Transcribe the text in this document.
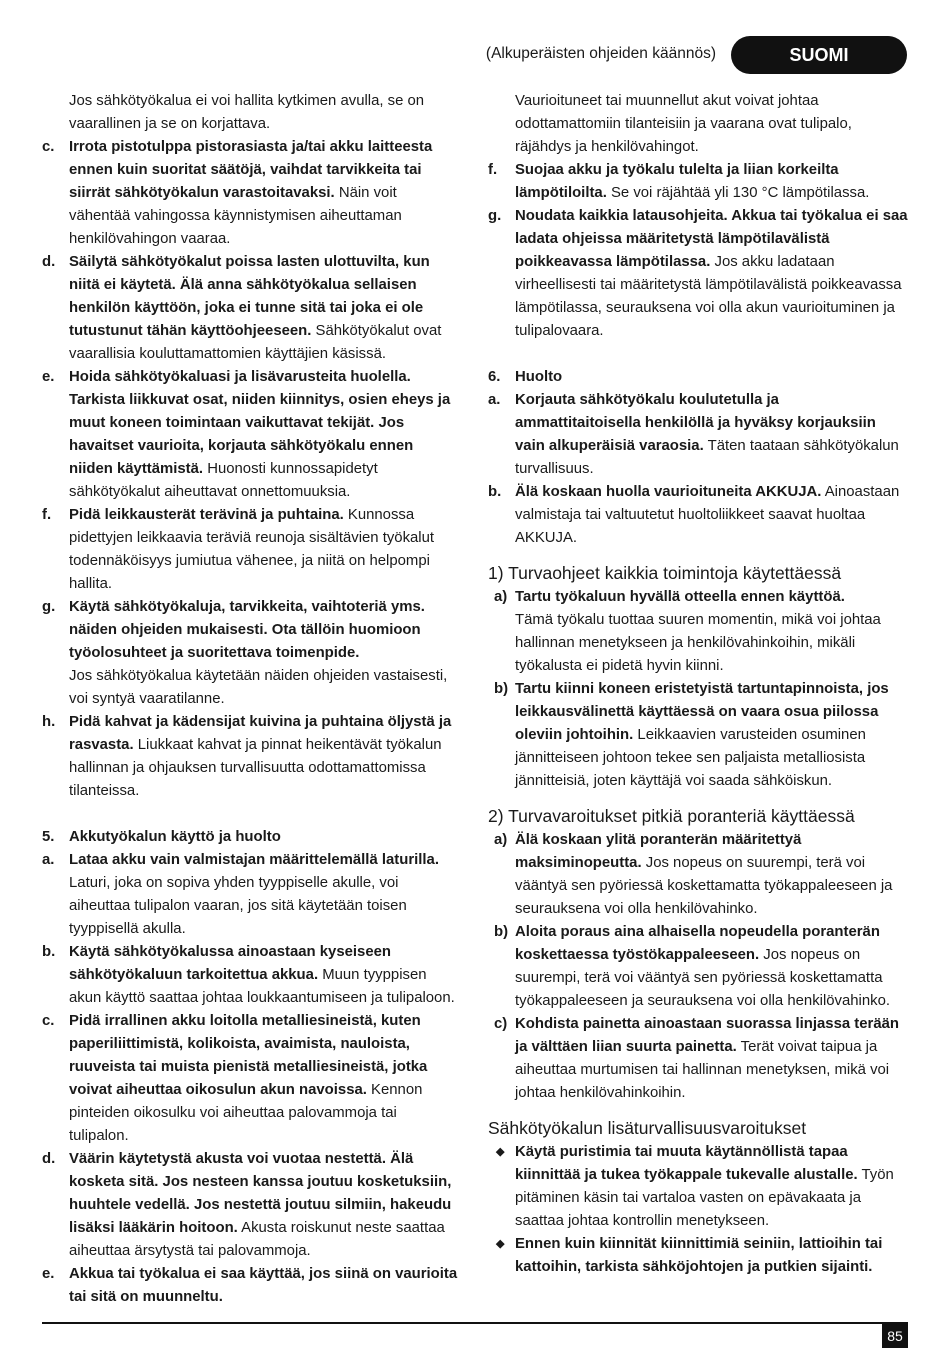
(Alkuperäisten ohjeiden käännös)	SUOMI
Jos sähkötyökalua ei voi hallita kytkimen avulla, se on vaarallinen ja se on korjattava.
c. Irrota pistotulppa pistorasiasta ja/tai akku laitteesta ennen kuin suoritat säätöjä, vaihdat tarvikkeita tai siirrät sähkötyökalun varastoitavaksi. Näin voit vähentää vahingossa käynnistymisen aiheuttaman henkilövahingon vaaraa.
d. Säilytä sähkötyökalut poissa lasten ulottuvilta, kun niitä ei käytetä. Älä anna sähkötyökalua sellaisen henkilön käyttöön, joka ei tunne sitä tai joka ei ole tutustunut tähän käyttöohjeeseen. Sähkötyökalut ovat vaarallisia kouluttamattomien käyttäjien käsissä.
e. Hoida sähkötyökaluasi ja lisävarusteita huolella. Tarkista liikkuvat osat, niiden kiinnitys, osien eheys ja muut koneen toimintaan vaikuttavat tekijät. Jos havaitset vaurioita, korjauta sähkötyökalu ennen niiden käyttämistä. Huonosti kunnossapidetyt sähkötyökalut aiheuttavat onnettomuuksia.
f. Pidä leikkausterät terävinä ja puhtaina. Kunnossa pidettyjen leikkaavia teräviä reunoja sisältävien työkalut todennäköisyys jumiutua vähenee, ja niitä on helpompi hallita.
g. Käytä sähkötyökaluja, tarvikkeita, vaihtoteriä yms. näiden ohjeiden mukaisesti. Ota tällöin huomioon työolosuhteet ja suoritettava toimenpide.
Jos sähkötyökalua käytetään näiden ohjeiden vastaisesti, voi syntyä vaaratilanne.
h. Pidä kahvat ja kädensijat kuivina ja puhtaina öljystä ja rasvasta. Liukkaat kahvat ja pinnat heikentävät työkalun hallinnan ja ohjauksen turvallisuutta odottamattomissa tilanteissa.
5. Akkutyökalun käyttö ja huolto
a. Lataa akku vain valmistajan määrittelemällä laturilla.
Laturi, joka on sopiva yhden tyyppiselle akulle, voi aiheuttaa tulipalon vaaran, jos sitä käytetään toisen tyyppisellä akulla.
b. Käytä sähkötyökalussa ainoastaan kyseiseen sähkötyökaluun tarkoitettua akkua. Muun tyyppisen akun käyttö saattaa johtaa loukkaantumiseen ja tulipaloon.
c. Pidä irrallinen akku loitolla metalliesineistä, kuten paperiliittimistä, kolikoista, avaimista, nauloista, ruuveista tai muista pienistä metalliesineistä, jotka voivat aiheuttaa oikosulun akun navoissa. Kennon pinteiden oikosulku voi aiheuttaa palovammoja tai tulipalon.
d. Väärin käytetystä akusta voi vuotaa nestettä. Älä kosketa sitä. Jos nesteen kanssa joutuu kosketuksiin, huuhtele vedellä. Jos nestettä joutuu silmiin, hakeudu lisäksi lääkärin hoitoon. Akusta roiskunut neste saattaa aiheuttaa ärsytystä tai palovammoja.
e. Akkua tai työkalua ei saa käyttää, jos siinä on vaurioita tai sitä on muunneltu.
Vaurioituneet tai muunnellut akut voivat johtaa odottamattomiin tilanteisiin ja vaarana ovat tulipalo, räjähdys ja henkilövahingot.
f. Suojaa akku ja työkalu tulelta ja liian korkeilta lämpötiloilta. Se voi räjähtää yli 130 °C lämpötilassa.
g. Noudata kaikkia latausohjeita. Akkua tai työkalua ei saa ladata ohjeissa määritetystä lämpötilavälistä poikkeavassa lämpötilassa. Jos akku ladataan virheellisesti tai määritetystä lämpötilavälistä poikkeavassa lämpötilassa, seurauksena voi olla akun vaurioituminen ja tulipalovaara.
6. Huolto
a. Korjauta sähkötyökalu koulutetulla ja ammattitaitoisella henkilöllä ja hyväksy korjauksiin vain alkuperäisiä varaosia. Täten taataan sähkötyökalun turvallisuus.
b. Älä koskaan huolla vaurioituneita AKKUJA. Ainoastaan valmistaja tai valtuutetut huoltoliikkeet saavat huoltaa AKKUJA.
1) Turvaohjeet kaikkia toimintoja käytettäessä
a) Tartu työkaluun hyvällä otteella ennen käyttöä.
Tämä työkalu tuottaa suuren momentin, mikä voi johtaa hallinnan menetykseen ja henkilövahinkoihin, mikäli työkalusta ei pidetä hyvin kiinni.
b) Tartu kiinni koneen eristetyistä tartuntapinnoista, jos leikkausvälinettä käyttäessä on vaara osua piilossa oleviin johtoihin. Leikkaavien varusteiden osuminen jännitteiseen johtoon tekee sen paljaista metalliosista jännitteisiä, joten käyttäjä voi saada sähköiskun.
2) Turvavaroitukset pitkiä poranteriä käyttäessä
a) Älä koskaan ylitä poranterän määritettyä maksiminopeutta. Jos nopeus on suurempi, terä voi vääntyä sen pyöriessä koskettamatta työkappaleeseen ja seurauksena voi olla henkilövahinko.
b) Aloita poraus aina alhaisella nopeudella poranterän koskettaessa työstökappaleeseen. Jos nopeus on suurempi, terä voi vääntyä sen pyöriessä koskettamatta työkappaleeseen ja seurauksena voi olla henkilövahinko.
c) Kohdista painetta ainoastaan suorassa linjassa terään ja välttäen liian suurta painetta. Terät voivat taipua ja aiheuttaa murtumisen tai hallinnan menetyksen, mikä voi johtaa henkilövahinkoihin.
Sähkötyökalun lisäturvallisuusvaroitukset
◆ Käytä puristimia tai muuta käytännöllistä tapaa kiinnittää ja tukea työkappale tukevalle alustalle. Työn pitäminen käsin tai vartaloa vasten on epävakaata ja saattaa johtaa kontrollin menetykseen.
◆ Ennen kuin kiinnität kiinnittimiä seiniin, lattioihin tai kattoihin, tarkista sähköjohtojen ja putkien sijainti.
85
